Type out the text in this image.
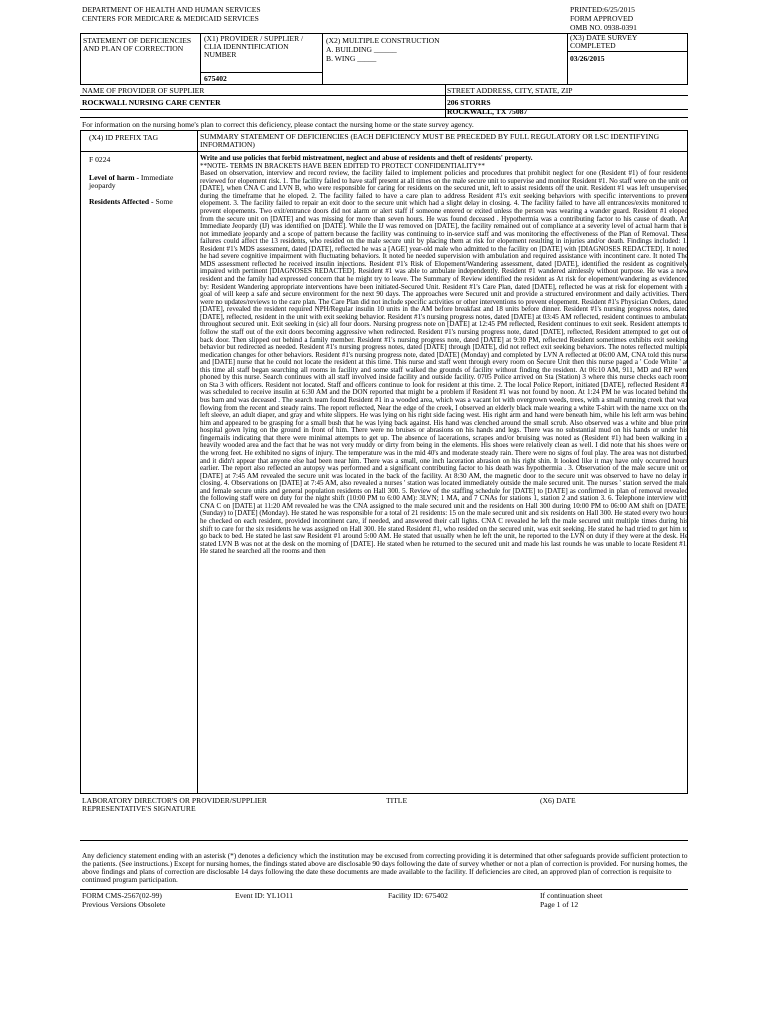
DEPARTMENT OF HEALTH AND HUMAN SERVICES
CENTERS FOR MEDICARE & MEDICAID SERVICES
PRINTED:6/25/2015
FORM APPROVED
OMB NO. 0938-0391
STATEMENT OF DEFICIENCIES AND PLAN OF CORRECTION
(X1) PROVIDER / SUPPLIER / CLIA IDENNTIFICATION NUMBER
675402
(X2) MULTIPLE CONSTRUCTION
A. BUILDING ______
B. WING _____
(X3) DATE SURVEY COMPLETED
03/26/2015
NAME OF PROVIDER OF SUPPLIER
ROCKWALL NURSING CARE CENTER
STREET ADDRESS, CITY, STATE, ZIP
206 STORRS
ROCKWALL, TX 75087
For information on the nursing home's plan to correct this deficiency, please contact the nursing home or the state survey agency.
(X4) ID PREFIX TAG	SUMMARY STATEMENT OF DEFICIENCIES (EACH DEFICIENCY MUST BE PRECEDED BY FULL REGULATORY OR LSC IDENTIFYING INFORMATION)
F 0224
Level of harm - Immediate jeopardy
Residents Affected - Some

Write and use policies that forbid mistreatment, neglect and abuse of residents and theft of residents' property.

**NOTE- TERMS IN BRACKETS HAVE BEEN EDITED TO PROTECT CONFIDENTIALITY**

Based on observation, interview and record review, the facility failed to implement policies and procedures that prohibit neglect for one (Resident #1) of four residents reviewed for elopement risk. 1. The facility failed to have staff present at all times on the male secure unit to supervise and monitor Resident #1. No staff were on the unit on [DATE], when CNA C and LVN B, who were responsible for caring for residents on the secured unit, left to assist residents off the unit. Resident #1 was left unsupervised during the timeframe that he eloped. 2. The facility failed to have a care plan to address Resident #1's exit seeking behaviors with specific interventions to prevent elopement. 3. The facility failed to repair an exit door to the secure unit which had a slight delay in closing. 4. The facility failed to have all entrances/exits monitored to prevent elopements. Two exit/entrance doors did not alarm or alert staff if someone entered or exited unless the person was wearing a wander guard. Resident #1 eloped from the secure unit on [DATE] and was missing for more than seven hours. He was found deceased . Hypothermia was a contributing factor to his cause of death. An Immediate Jeopardy (IJ) was identified on [DATE]. While the IJ was removed on [DATE], the facility remained out of compliance at a severity level of actual harm that is not immediate jeopardy and a scope of pattern because the facility was continuing to in-service staff and was monitoring the effectiveness of the Plan of Removal. These failures could affect the 13 residents, who resided on the male secure unit by placing them at risk for elopement resulting in injuries and/or death. Findings included: 1. Resident #1's MDS assessment, dated [DATE], reflected he was a [AGE] year-old male who admitted to the facility on [DATE] with [DIAGNOSES REDACTED]. It noted he had severe cognitive impairment with fluctuating behaviors. It noted he needed supervision with ambulation and required assistance with incontinent care. It noted The MDS assessment reflected he received insulin injections. Resident #1's Risk of Elopement/Wandering assessment, dated [DATE], identified the resident as cognitively impaired with pertinent [DIAGNOSES REDACTED]. Resident #1 was able to ambulate independently. Resident #1 wandered aimlessly without purpose. He was a new resident and the family had expressed concern that he might try to leave. The Summary of Review identified the resident as At risk for elopement/wandering as evidenced by: Resident Wandering appropriate interventions have been initiated-Secured Unit. Resident #1's Care Plan, dated [DATE], reflected he was at risk for elopement with a goal of will keep a safe and secure environment for the next 90 days. The approaches were Secured unit and provide a structured environment and daily activities. There were no updates/reviews to the care plan. The Care Plan did not include specific activities or other interventions to prevent elopement. Resident #1's Physician Orders, dated [DATE], revealed the resident required NPH/Regular insulin 10 units in the AM before breakfast and 18 units before dinner. Resident #1's nursing progress notes, dated [DATE], reflected, resident in the unit with exit seeking behavior. Resident #1's nursing progress notes, dated [DATE] at 03:45 AM reflected, resident continues to ambulate throughout secured unit. Exit seeking in (sic) all four doors. Nursing progress note on [DATE] at 12:45 PM reflected, Resident continues to exit seek. Resident attempts to follow the staff out of the exit doors becoming aggressive when redirected. Resident #1's nursing progress note, dated [DATE], reflected, Resident attempted to get out of back door. Then slipped out behind a family member. Resident #1's nursing progress note, dated [DATE] at 9:30 PM, reflected Resident sometimes exhibits exit seeking behavior but redirected as needed. Resident #1's nursing progress notes, dated [DATE] through [DATE], did not reflect exit seeking behaviors. The notes reflected multiple medication changes for other behaviors. Resident #1's nursing progress note, dated [DATE] (Monday) and completed by LVN A reflected at 06:00 AM, CNA told this nurse and [DATE] nurse that he could not locate the resident at this time. This nurse and staff went through every room on Secure Unit then this nurse paged a ' Code White ' at this time all staff began searching all rooms in facility and some staff walked the grounds of facility without finding the resident. At 06:10 AM, 911, MD and RP were phoned by this nurse. Search continues with all staff involved inside facility and outside facility. 0705 Police arrived on Sta (Station) 3 where this nurse checks each room on Sta 3 with officers. Resident not located. Staff and officers continue to look for resident at this time. 2. The local Police Report, initiated [DATE], reflected Resident #1 was scheduled to receive insulin at 6:30 AM and the DON reported that might be a problem if Resident #1 was not found by noon. At 1:24 PM he was located behind the bus barn and was deceased . The search team found Resident #1 in a wooded area, which was a vacant lot with overgrown weeds, trees, with a small running creek that was flowing from the recent and steady rains. The report reflected, Near the edge of the creek, I observed an elderly black male wearing a white T-shirt with the name xxx on the left sleeve, an adult diaper, and gray and white slippers. He was lying on his right side facing west. His right arm and hand were beneath him, while his left arm was behind him and appeared to be grasping for a small bush that he was lying back against. His hand was clenched around the small scrub. Also observed was a white and blue print hospital gown lying on the ground in front of him. There were no bruises or abrasions on his hands and legs. There was no substantial mud on his hands or under his fingernails indicating that there were minimal attempts to get up. The absence of lacerations, scrapes and/or bruising was noted as (Resident #1) had been walking in a heavily wooded area and the fact that he was not very muddy or dirty from being in the elements. His shoes were relatively clean as well. I did note that his shoes were on the wrong feet. He exhibited no signs of injury. The temperature was in the mid 40's and moderate steady rain. There were no signs of foul play. The area was not disturbed, and it didn't appear that anyone else had been near him. There was a small, one inch laceration abrasion on his right shin. It looked like it may have only occurred hours earlier. The report also reflected an autopsy was performed and a significant contributing factor to his death was hypothermia . 3. Observation of the male secure unit on [DATE] at 7:45 AM revealed the secure unit was located in the back of the facility. At 8:30 AM, the magnetic door to the secure unit was observed to have no delay in closing. 4. Observations on [DATE] at 7:45 AM, also revealed a nurses ' station was located immediately outside the male secured unit. The nurses ' station served the male and female secure units and general population residents on Hall 300. 5. Review of the staffing schedule for [DATE] to [DATE] as confirmed in plan of removal revealed the following staff were on duty for the night shift (10:00 PM to 6:00 AM): 3LVN; 1 MA, and 7 CNAs for stations 1, station 2 and station 3. 6. Telephone interview with CNA C on [DATE] at 11:20 AM revealed he was the CNA assigned to the male secured unit and the residents on Hall 300 during 10:00 PM to 06:00 AM shift on [DATE] (Sunday) to [DATE] (Monday). He stated he was responsible for a total of 21 residents: 15 on the male secured unit and six residents on Hall 300. He stated every two hours he checked on each resident, provided incontinent care, if needed, and answered their call lights. CNA C revealed he left the male secured unit multiple times during his shift to care for the six residents he was assigned on Hall 300. He stated Resident #1, who resided on the secured unit, was exit seeking. He stated he had tried to get him to go back to bed. He stated he last saw Resident #1 around 5:00 AM. He stated that usually when he left the unit, he reported to the LVN on duty if they were at the desk. He stated LVN B was not at the desk on the morning of [DATE]. He stated when he returned to the secured unit and made his last rounds he was unable to locate Resident #1. He stated he searched all the rooms and then

LABORATORY DIRECTOR'S OR PROVIDER/SUPPLIER REPRESENTATIVE'S SIGNATURE
TITLE	(X6) DATE
Any deficiency statement ending with an asterisk (*) denotes a deficiency which the institution may be excused from correcting providing it is determined that other safeguards provide sufficient protection to the patients. (See instructions.) Except for nursing homes, the findings stated above are disclosable 90 days following the date of survey whether or not a plan of correction is provided. For nursing homes, the above findings and plans of correction are disclosable 14 days following the date these documents are made available to the facility. If deficiencies are cited, an approved plan of correction is requisite to continued program participation.
FORM CMS-2567(02-99)
Previous Versions Obsolete
Event ID: YL1O11	Facility ID: 675402	If continuation sheet
Page 1 of 12
